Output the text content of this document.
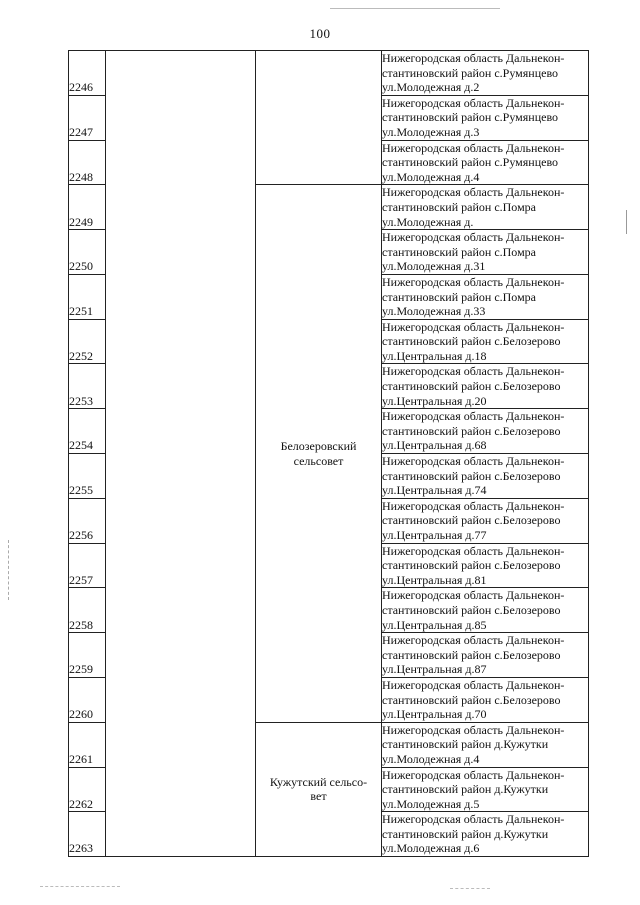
100
2246			Нижегородская область Дальнекон-
стантиновский район с.Румянцево
ул.Молодежная д.2

2247			Нижегородская область Дальнекон-
стантиновский район с.Румянцево
ул.Молодежная д.3

2248			Нижегородская область Дальнекон-
стантиновский район с.Румянцево
ул.Молодежная д.4

2249		Белозеровский
сельсовет	Нижегородская область Дальнекон-
стантиновский район с.Помра
ул.Молодежная д.

2250			Нижегородская область Дальнекон-
стантиновский район с.Помра
ул.Молодежная д.31

2251			Нижегородская область Дальнекон-
стантиновский район с.Помра
ул.Молодежная д.33

2252			Нижегородская область Дальнекон-
стантиновский район с.Белозерово
ул.Центральная д.18

2253			Нижегородская область Дальнекон-
стантиновский район с.Белозерово
ул.Центральная д.20

2254			Нижегородская область Дальнекон-
стантиновский район с.Белозерово
ул.Центральная д.68

2255			Нижегородская область Дальнекон-
стантиновский район с.Белозерово
ул.Центральная д.74

2256			Нижегородская область Дальнекон-
стантиновский район с.Белозерово
ул.Центральная д.77

2257			Нижегородская область Дальнекон-
стантиновский район с.Белозерово
ул.Центральная д.81

2258			Нижегородская область Дальнекон-
стантиновский район с.Белозерово
ул.Центральная д.85

2259			Нижегородская область Дальнекон-
стантиновский район с.Белозерово
ул.Центральная д.87

2260			Нижегородская область Дальнекон-
стантиновский район с.Белозерово
ул.Центральная д.70

2261		Кужутский сельсо-
вет	Нижегородская область Дальнекон-
стантиновский район д.Кужутки
ул.Молодежная д.4

2262			Нижегородская область Дальнекон-
стантиновский район д.Кужутки
ул.Молодежная д.5

2263			Нижегородская область Дальнекон-
стантиновский район д.Кужутки
ул.Молодежная д.6
